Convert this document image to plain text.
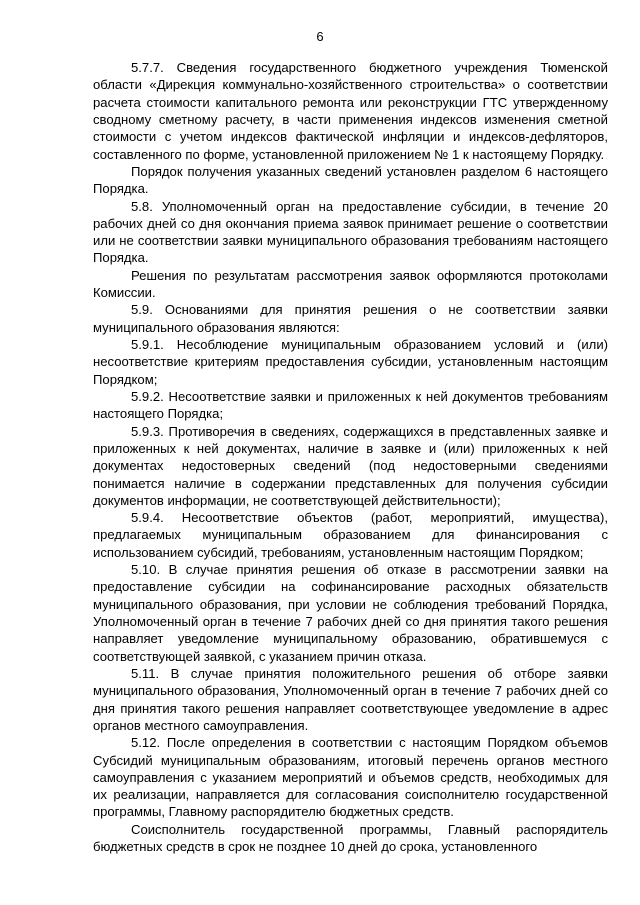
6

5.7.7. Сведения государственного бюджетного учреждения Тюменской области «Дирекция коммунально-хозяйственного строительства» о соответствии расчета стоимости капитального ремонта или реконструкции ГТС утвержденному сводному сметному расчету, в части применения индексов изменения сметной стоимости с учетом индексов фактической инфляции и индексов-дефляторов, составленного по форме, установленной приложением № 1 к настоящему Порядку.

Порядок получения указанных сведений установлен разделом 6 настоящего Порядка.

5.8. Уполномоченный орган на предоставление субсидии, в течение 20 рабочих дней со дня окончания приема заявок принимает решение о соответствии или не соответствии заявки муниципального образования требованиям настоящего Порядка.

Решения по результатам рассмотрения заявок оформляются протоколами Комиссии.

5.9. Основаниями для принятия решения о не соответствии заявки муниципального образования являются:

5.9.1. Несоблюдение муниципальным образованием условий и (или) несоответствие критериям предоставления субсидии, установленным настоящим Порядком;

5.9.2. Несоответствие заявки и приложенных к ней документов требованиям настоящего Порядка;

5.9.3. Противоречия в сведениях, содержащихся в представленных заявке и приложенных к ней документах, наличие в заявке и (или) приложенных к ней документах недостоверных сведений (под недостоверными сведениями понимается наличие в содержании представленных для получения субсидии документов информации, не соответствующей действительности);

5.9.4. Несоответствие объектов (работ, мероприятий, имущества), предлагаемых муниципальным образованием для финансирования с использованием субсидий, требованиям, установленным настоящим Порядком;

5.10. В случае принятия решения об отказе в рассмотрении заявки на предоставление субсидии на софинансирование расходных обязательств муниципального образования, при условии не соблюдения требований Порядка, Уполномоченный орган в течение 7 рабочих дней со дня принятия такого решения направляет уведомление муниципальному образованию, обратившемуся с соответствующей заявкой, с указанием причин отказа.

5.11. В случае принятия положительного решения об отборе заявки муниципального образования, Уполномоченный орган в течение 7 рабочих дней со дня принятия такого решения направляет соответствующее уведомление в адрес органов местного самоуправления.

5.12. После определения в соответствии с настоящим Порядком объемов Субсидий муниципальным образованиям, итоговый перечень органов местного самоуправления с указанием мероприятий и объемов средств, необходимых для их реализации, направляется для согласования соисполнителю государственной программы, Главному распорядителю бюджетных средств.

Соисполнитель государственной программы, Главный распорядитель бюджетных средств в срок не позднее 10 дней до срока, установленного
